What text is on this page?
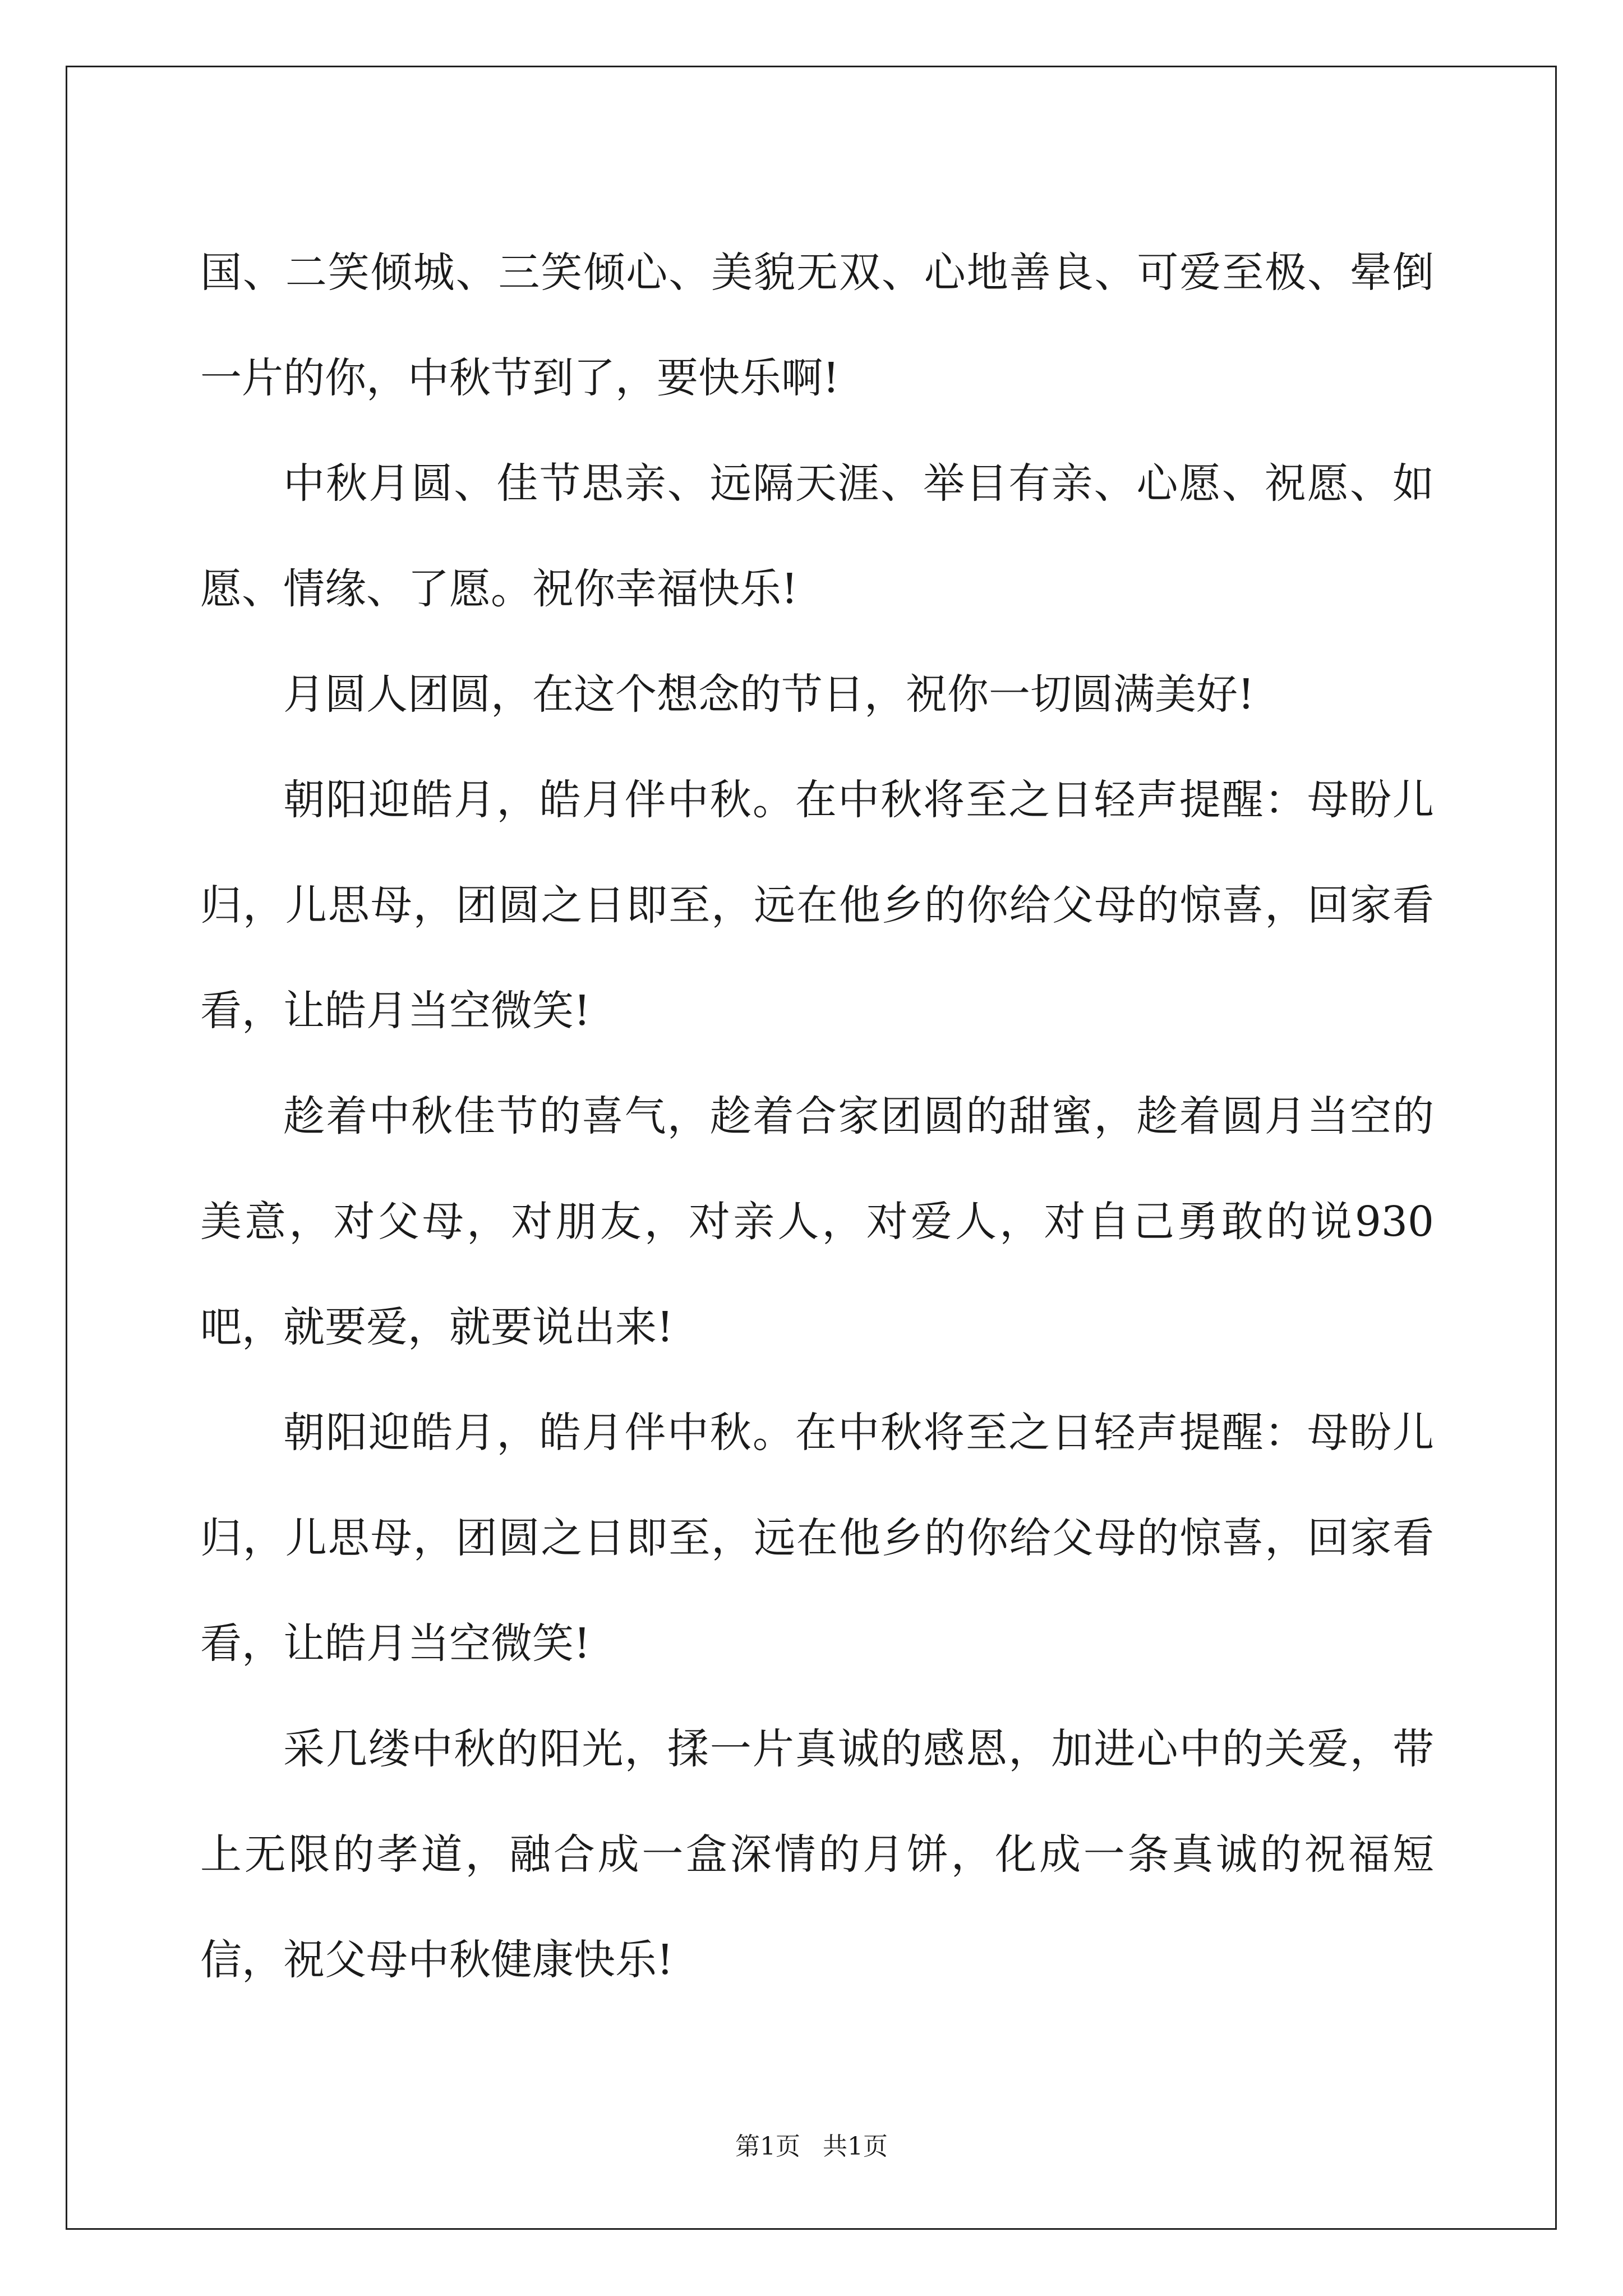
国、二笑倾城、三笑倾心、美貌无双、心地善良、可爱至极、晕倒一片的你，中秋节到了，要快乐啊!

中秋月圆、佳节思亲、远隔天涯、举目有亲、心愿、祝愿、如愿、情缘、了愿。祝你幸福快乐!

月圆人团圆，在这个想念的节日，祝你一切圆满美好!

朝阳迎皓月，皓月伴中秋。在中秋将至之日轻声提醒：母盼儿归，儿思母，团圆之日即至，远在他乡的你给父母的惊喜，回家看看，让皓月当空微笑!

趁着中秋佳节的喜气，趁着合家团圆的甜蜜，趁着圆月当空的美意，对父母，对朋友，对亲人，对爱人，对自己勇敢的说930吧，就要爱，就要说出来!

朝阳迎皓月，皓月伴中秋。在中秋将至之日轻声提醒：母盼儿归，儿思母，团圆之日即至，远在他乡的你给父母的惊喜，回家看看，让皓月当空微笑!

采几缕中秋的阳光，揉一片真诚的感恩，加进心中的关爱，带上无限的孝道，融合成一盒深情的月饼，化成一条真诚的祝福短信，祝父母中秋健康快乐!

第1页 共1页
